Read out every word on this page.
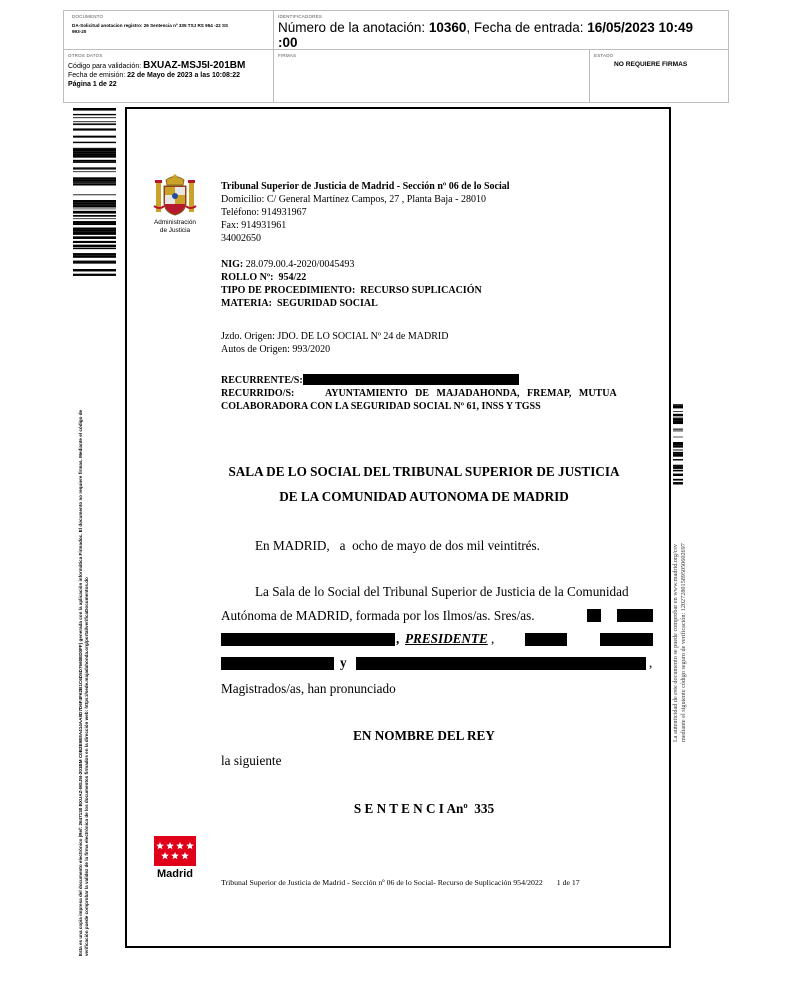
DOCUMENTO
DA-Solicitud anotacion registro: 26 Sentencia nº 335 TSJ RS 954 -22 SS 993-20
IDENTIFICADORES
Número de la anotación: 10360, Fecha de entrada: 16/05/2023 10:49
:00
OTROS DATOS
Código para validación: BXUAZ-MSJ5I-201BM
Fecha de emisión: 22 de Mayo de 2023 a las 10:08:22
Página 1 de 22
FIRMAS	ESTADO
NO REQUIERE FIRMAS
Esta es una copia impresa del documento electrónico (Ref: 2647130 BXUAZ-MSJ5I-201BM C0B2E9E8A414AA8D7D6F4F62B1C6D5D7660ED0FF) generada con la aplicación informática Firmadoc. El documento no requiere firmas. Mediante el código de verificación puede comprobar la validez de la firma electrónica de los documentos firmados en la dirección web: https://sede.majadahonda.org/portal/verificaDocumentos.do
Administración
de Justicia
Tribunal Superior de Justicia de Madrid - Sección nº 06 de lo Social
Domicilio: C/ General Martínez Campos, 27 , Planta Baja - 28010
Teléfono: 914931967
Fax: 914931961
34002650
NIG: 28.079.00.4-2020/0045493
ROLLO Nº:  954/22
TIPO DE PROCEDIMIENTO:  RECURSO SUPLICACIÓN
MATERIA:  SEGURIDAD SOCIAL
Jzdo. Origen: JDO. DE LO SOCIAL Nº 24 de MADRID
Autos de Origen: 993/2020
RECURRENTE/S:
RECURRIDO/S:	AYUNTAMIENTO   DE   MAJADAHONDA,   FREMAP,   MUTUA
COLABORADORA CON LA SEGURIDAD SOCIAL Nº 61, INSS Y TGSS
SALA DE LO SOCIAL DEL TRIBUNAL SUPERIOR DE JUSTICIA
DE LA COMUNIDAD AUTONOMA DE MADRID
En MADRID,   a  ocho de mayo de dos mil veintitrés.
La Sala de lo Social del Tribunal Superior de Justicia de la Comunidad
Autónoma de MADRID, formada por los Ilmos/as. Sres/as.
, PRESIDENTE ,
y	,
Magistrados/as, han pronunciado
EN NOMBRE DEL REY
la siguiente
S E N T E N C I Anº  335
Madrid
Tribunal Superior de Justicia de Madrid - Sección nº 06 de lo Social- Recurso de Suplicación 954/2022 1 de 17
La autenticidad de este documento se puede comprobar en www.madrid.org/csv mediante el siguiente código seguro de verificación: 1202728015895050602697
